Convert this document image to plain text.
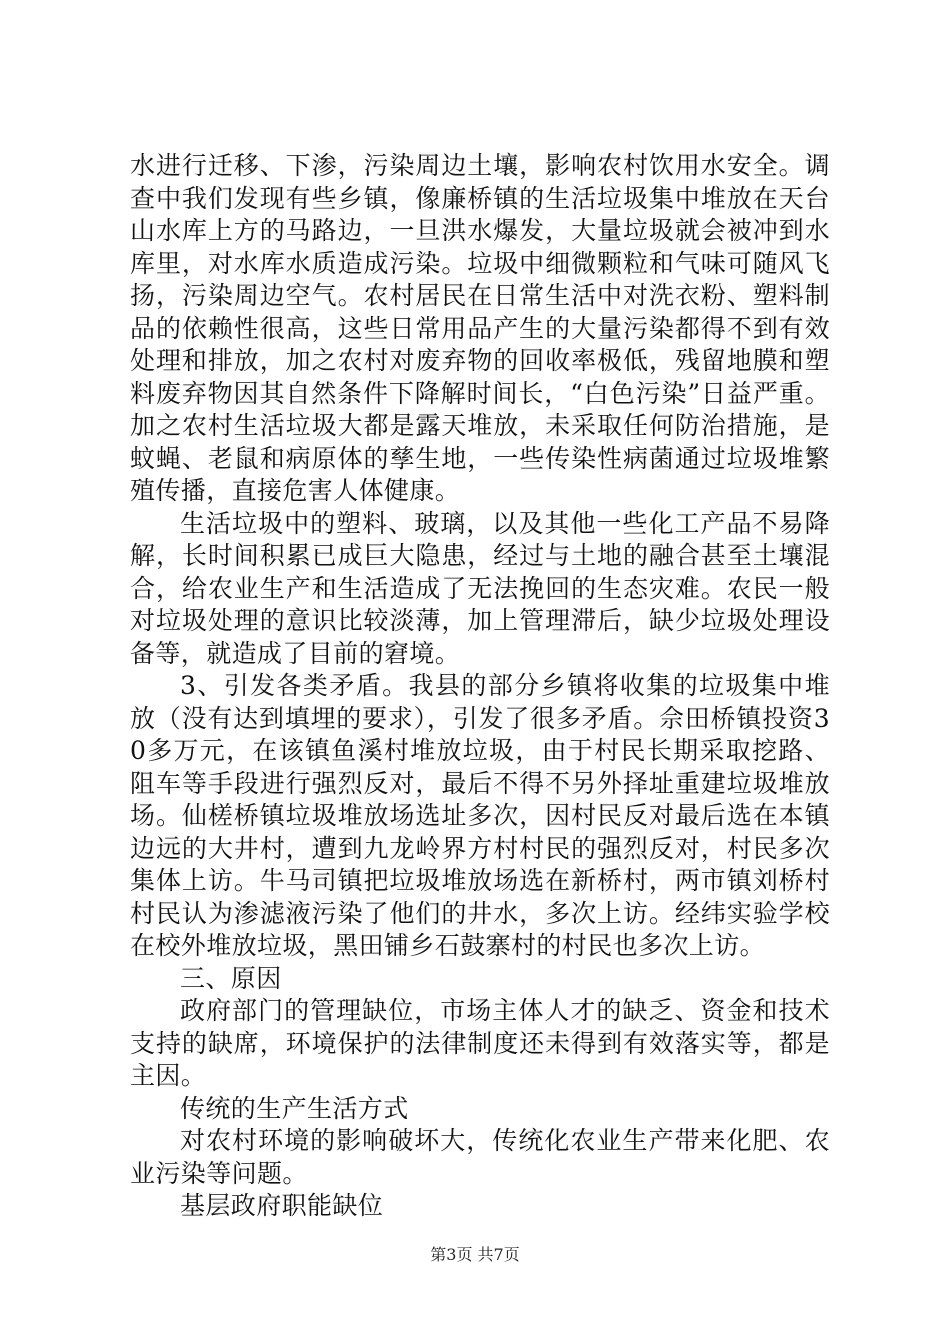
水进行迁移、下渗，污染周边土壤，影响农村饮用水安全。调查中我们发现有些乡镇，像廉桥镇的生活垃圾集中堆放在天台山水库上方的马路边，一旦洪水爆发，大量垃圾就会被冲到水库里，对水库水质造成污染。垃圾中细微颗粒和气味可随风飞扬，污染周边空气。农村居民在日常生活中对洗衣粉、塑料制品的依赖性很高，这些日常用品产生的大量污染都得不到有效处理和排放，加之农村对废弃物的回收率极低，残留地膜和塑料废弃物因其自然条件下降解时间长，“白色污染”日益严重。加之农村生活垃圾大都是露天堆放，未采取任何防治措施，是蚊蝇、老鼠和病原体的孳生地，一些传染性病菌通过垃圾堆繁殖传播，直接危害人体健康。

生活垃圾中的塑料、玻璃，以及其他一些化工产品不易降解，长时间积累已成巨大隐患，经过与土地的融合甚至土壤混合，给农业生产和生活造成了无法挽回的生态灾难。农民一般对垃圾处理的意识比较淡薄，加上管理滞后，缺少垃圾处理设备等，就造成了目前的窘境。

3、引发各类矛盾。我县的部分乡镇将收集的垃圾集中堆放（没有达到填埋的要求），引发了很多矛盾。佘田桥镇投资30多万元，在该镇鱼溪村堆放垃圾，由于村民长期采取挖路、阻车等手段进行强烈反对，最后不得不另外择址重建垃圾堆放场。仙槎桥镇垃圾堆放场选址多次，因村民反对最后选在本镇边远的大井村，遭到九龙岭界方村村民的强烈反对，村民多次集体上访。牛马司镇把垃圾堆放场选在新桥村，两市镇刘桥村村民认为渗滤液污染了他们的井水，多次上访。经纬实验学校在校外堆放垃圾，黑田铺乡石鼓寨村的村民也多次上访。

三、原因

政府部门的管理缺位，市场主体人才的缺乏、资金和技术支持的缺席，环境保护的法律制度还未得到有效落实等，都是主因。

传统的生产生活方式

对农村环境的影响破坏大，传统化农业生产带来化肥、农业污染等问题。

基层政府职能缺位

第3页 共7页
